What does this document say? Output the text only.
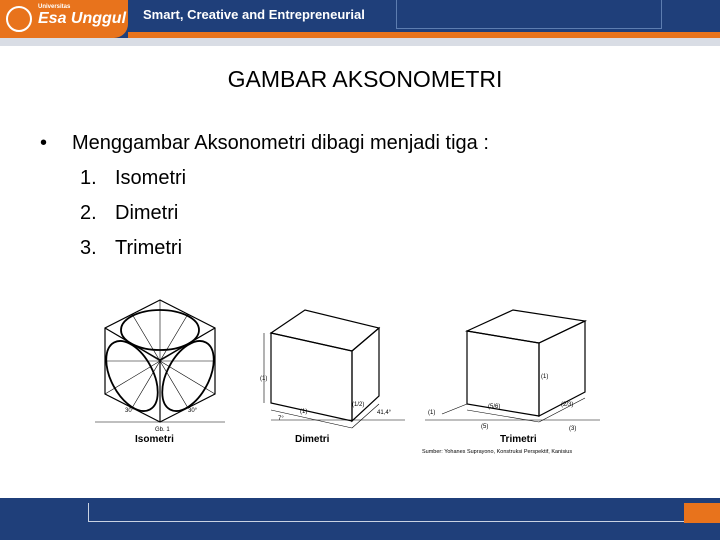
Universitas
Esa Unggul Smart, Creative and Entrepreneurial
GAMBAR AKSONOMETRI
• Menggambar Aksonometri dibagi menjadi tiga :
1. Isometri
2. Dimetri
3. Trimetri
30°	30°
Gb. 1
Isometri
(1)
(1)
(1/2)
7°
41,4°
Dimetri
(1)
(5/6)	(2/3)
(1)
(5)	(3)
Trimetri
Sumber: Yohanes Suprayono, Konstruksi Perspektif, Kanisius
